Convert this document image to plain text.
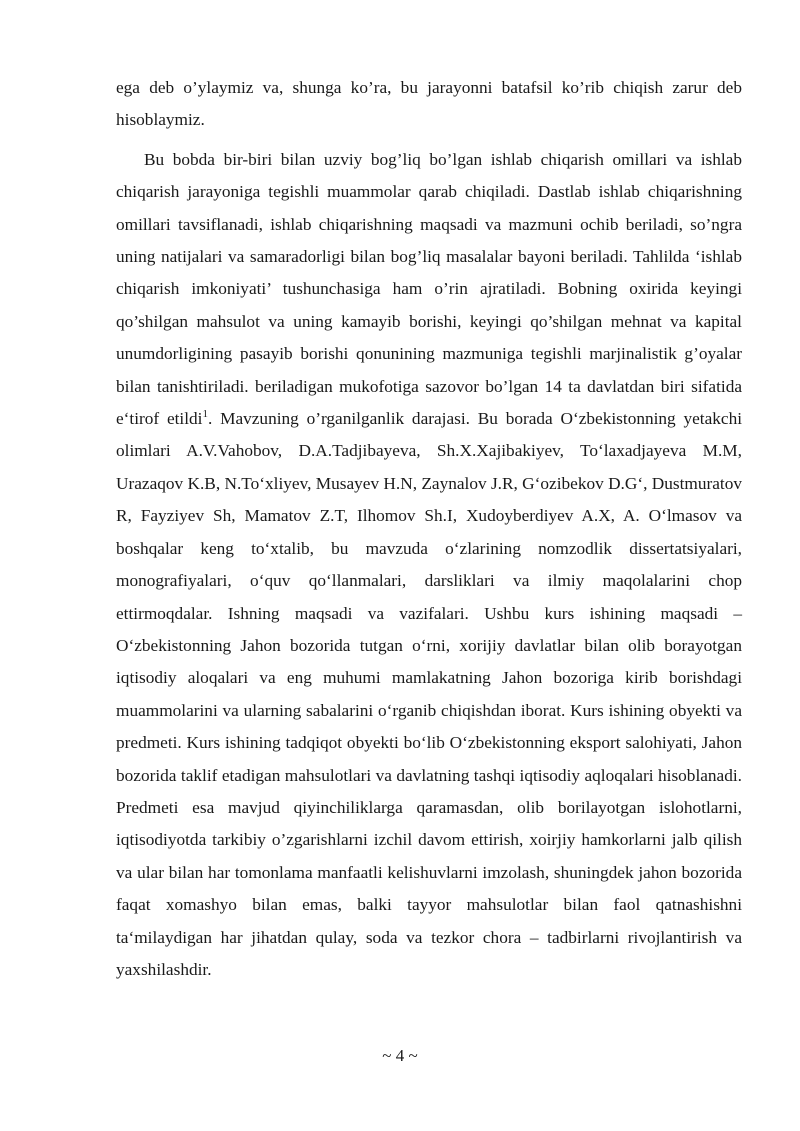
ega deb o’ylaymiz va, shunga ko’ra, bu jarayonni batafsil ko’rib chiqish zarur deb hisoblaymiz.

Bu bobda bir-biri bilan uzviy bog’liq bo’lgan ishlab chiqarish omillari va ishlab chiqarish jarayoniga tegishli muammolar qarab chiqiladi. Dastlab ishlab chiqarishning omillari tavsiflanadi, ishlab chiqarishning maqsadi va mazmuni ochib beriladi, so’ngra uning natijalari va samaradorligi bilan bog’liq masalalar bayoni beriladi. Tahlilda ‘ishlab chiqarish imkoniyati’ tushunchasiga ham o’rin ajratiladi. Bobning oxirida keyingi qo’shilgan mahsulot va uning kamayib borishi, keyingi qo’shilgan mehnat va kapital unumdorligining pasayib borishi qonunining mazmuniga tegishli marjinalistik g’oyalar bilan tanishtiriladi. beriladigan mukofotiga sazovor bo’lgan 14 ta davlatdan biri sifatida e‘tirof etildi$^1$. Mavzuning o’rganilganlik darajasi. Bu borada O‘zbekistonning yetakchi olimlari A.V.Vahobov, D.A.Tadjibayeva, Sh.X.Xajibakiyev, To‘laxadjayeva M.M, Urazaqov K.B, N.To‘xliyev, Musayev H.N, Zaynalov J.R, G‘ozibekov D.G‘, Dustmuratov R, Fayziyev Sh, Mamatov Z.T, Ilhomov Sh.I, Xudoyberdiyev A.X, A. O‘lmasov va boshqalar keng to‘xtalib, bu mavzuda o‘zlarining nomzodlik dissertatsiyalari, monografiyalari, o‘quv qo‘llanmalari, darsliklari va ilmiy maqolalarini chop ettirmoqdalar. Ishning maqsadi va vazifalari. Ushbu kurs ishining maqsadi – O‘zbekistonning Jahon bozorida tutgan o‘rni, xorijiy davlatlar bilan olib borayotgan iqtisodiy aloqalari va eng muhumi mamlakatning Jahon bozoriga kirib borishdagi muammolarini va ularning sabalarini o‘rganib chiqishdan iborat. Kurs ishining obyekti va predmeti. Kurs ishining tadqiqot obyekti bo‘lib O‘zbekistonning eksport salohiyati, Jahon bozorida taklif etadigan mahsulotlari va davlatning tashqi iqtisodiy aqloqalari hisoblanadi. Predmeti esa mavjud qiyinchiliklarga qaramasdan, olib borilayotgan islohotlarni, iqtisodiyotda tarkibiy o’zgarishlarni izchil davom ettirish, xoirjiy hamkorlarni jalb qilish va ular bilan har tomonlama manfaatli kelishuvlarni imzolash, shuningdek jahon bozorida faqat xomashyo bilan emas, balki tayyor mahsulotlar bilan faol qatnashishni ta‘milaydigan har jihatdan qulay, soda va tezkor chora – tadbirlarni rivojlantirish va yaxshilashdir.

~ 4 ~
